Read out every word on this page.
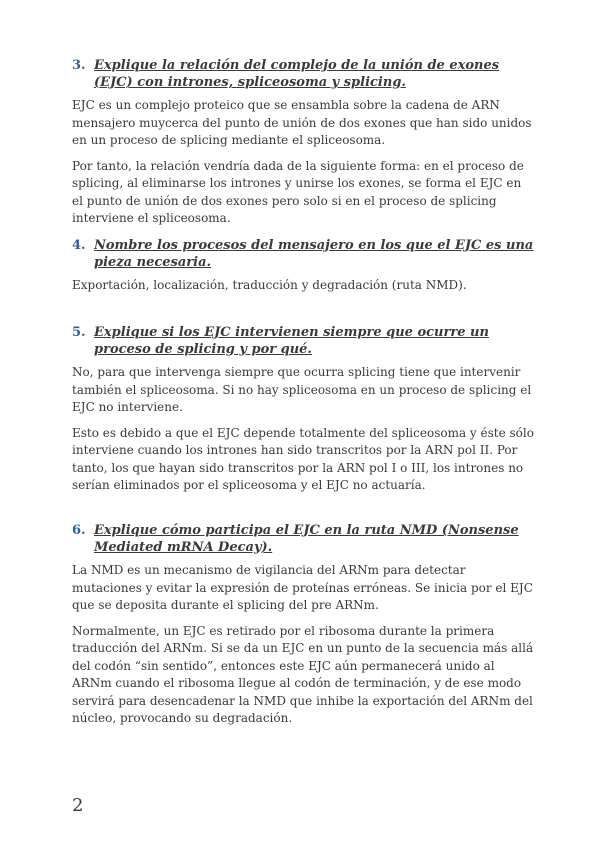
3. Explique la relación del complejo de la unión de exones (EJC) con intrones, spliceosoma y splicing.

EJC es un complejo proteico que se ensambla sobre la cadena de ARN mensajero muycerca del punto de unión de dos exones que han sido unidos en un proceso de splicing mediante el spliceosoma.

Por tanto, la relación vendría dada de la siguiente forma: en el proceso de splicing, al eliminarse los intrones y unirse los exones, se forma el EJC en el punto de unión de dos exones pero solo si en el proceso de splicing interviene el spliceosoma.

4. Nombre los procesos del mensajero en los que el EJC es una pieza necesaria.

Exportación, localización, traducción y degradación (ruta NMD).

5. Explique si los EJC intervienen siempre que ocurre un proceso de splicing y por qué.

No, para que intervenga siempre que ocurra splicing tiene que intervenir también el spliceosoma. Si no hay spliceosoma en un proceso de splicing el EJC no interviene.

Esto es debido a que el EJC depende totalmente del spliceosoma y éste sólo interviene cuando los intrones han sido transcritos por la ARN pol II. Por tanto, los que hayan sido transcritos por la ARN pol I o III, los intrones no serían eliminados por el spliceosoma y el EJC no actuaría.

6. Explique cómo participa el EJC en la ruta NMD (Nonsense Mediated mRNA Decay).

La NMD es un mecanismo de vigilancia del ARNm para detectar mutaciones y evitar la expresión de proteínas erróneas. Se inicia por el EJC que se deposita durante el splicing del pre ARNm.

Normalmente, un EJC es retirado por el ribosoma durante la primera traducción del ARNm. Si se da un EJC en un punto de la secuencia más allá del codón “sin sentido”, entonces este EJC aún permanecerá unido al ARNm cuando el ribosoma llegue al codón de terminación, y de ese modo servirá para desencadenar la NMD que inhibe la exportación del ARNm del núcleo, provocando su degradación.

2
